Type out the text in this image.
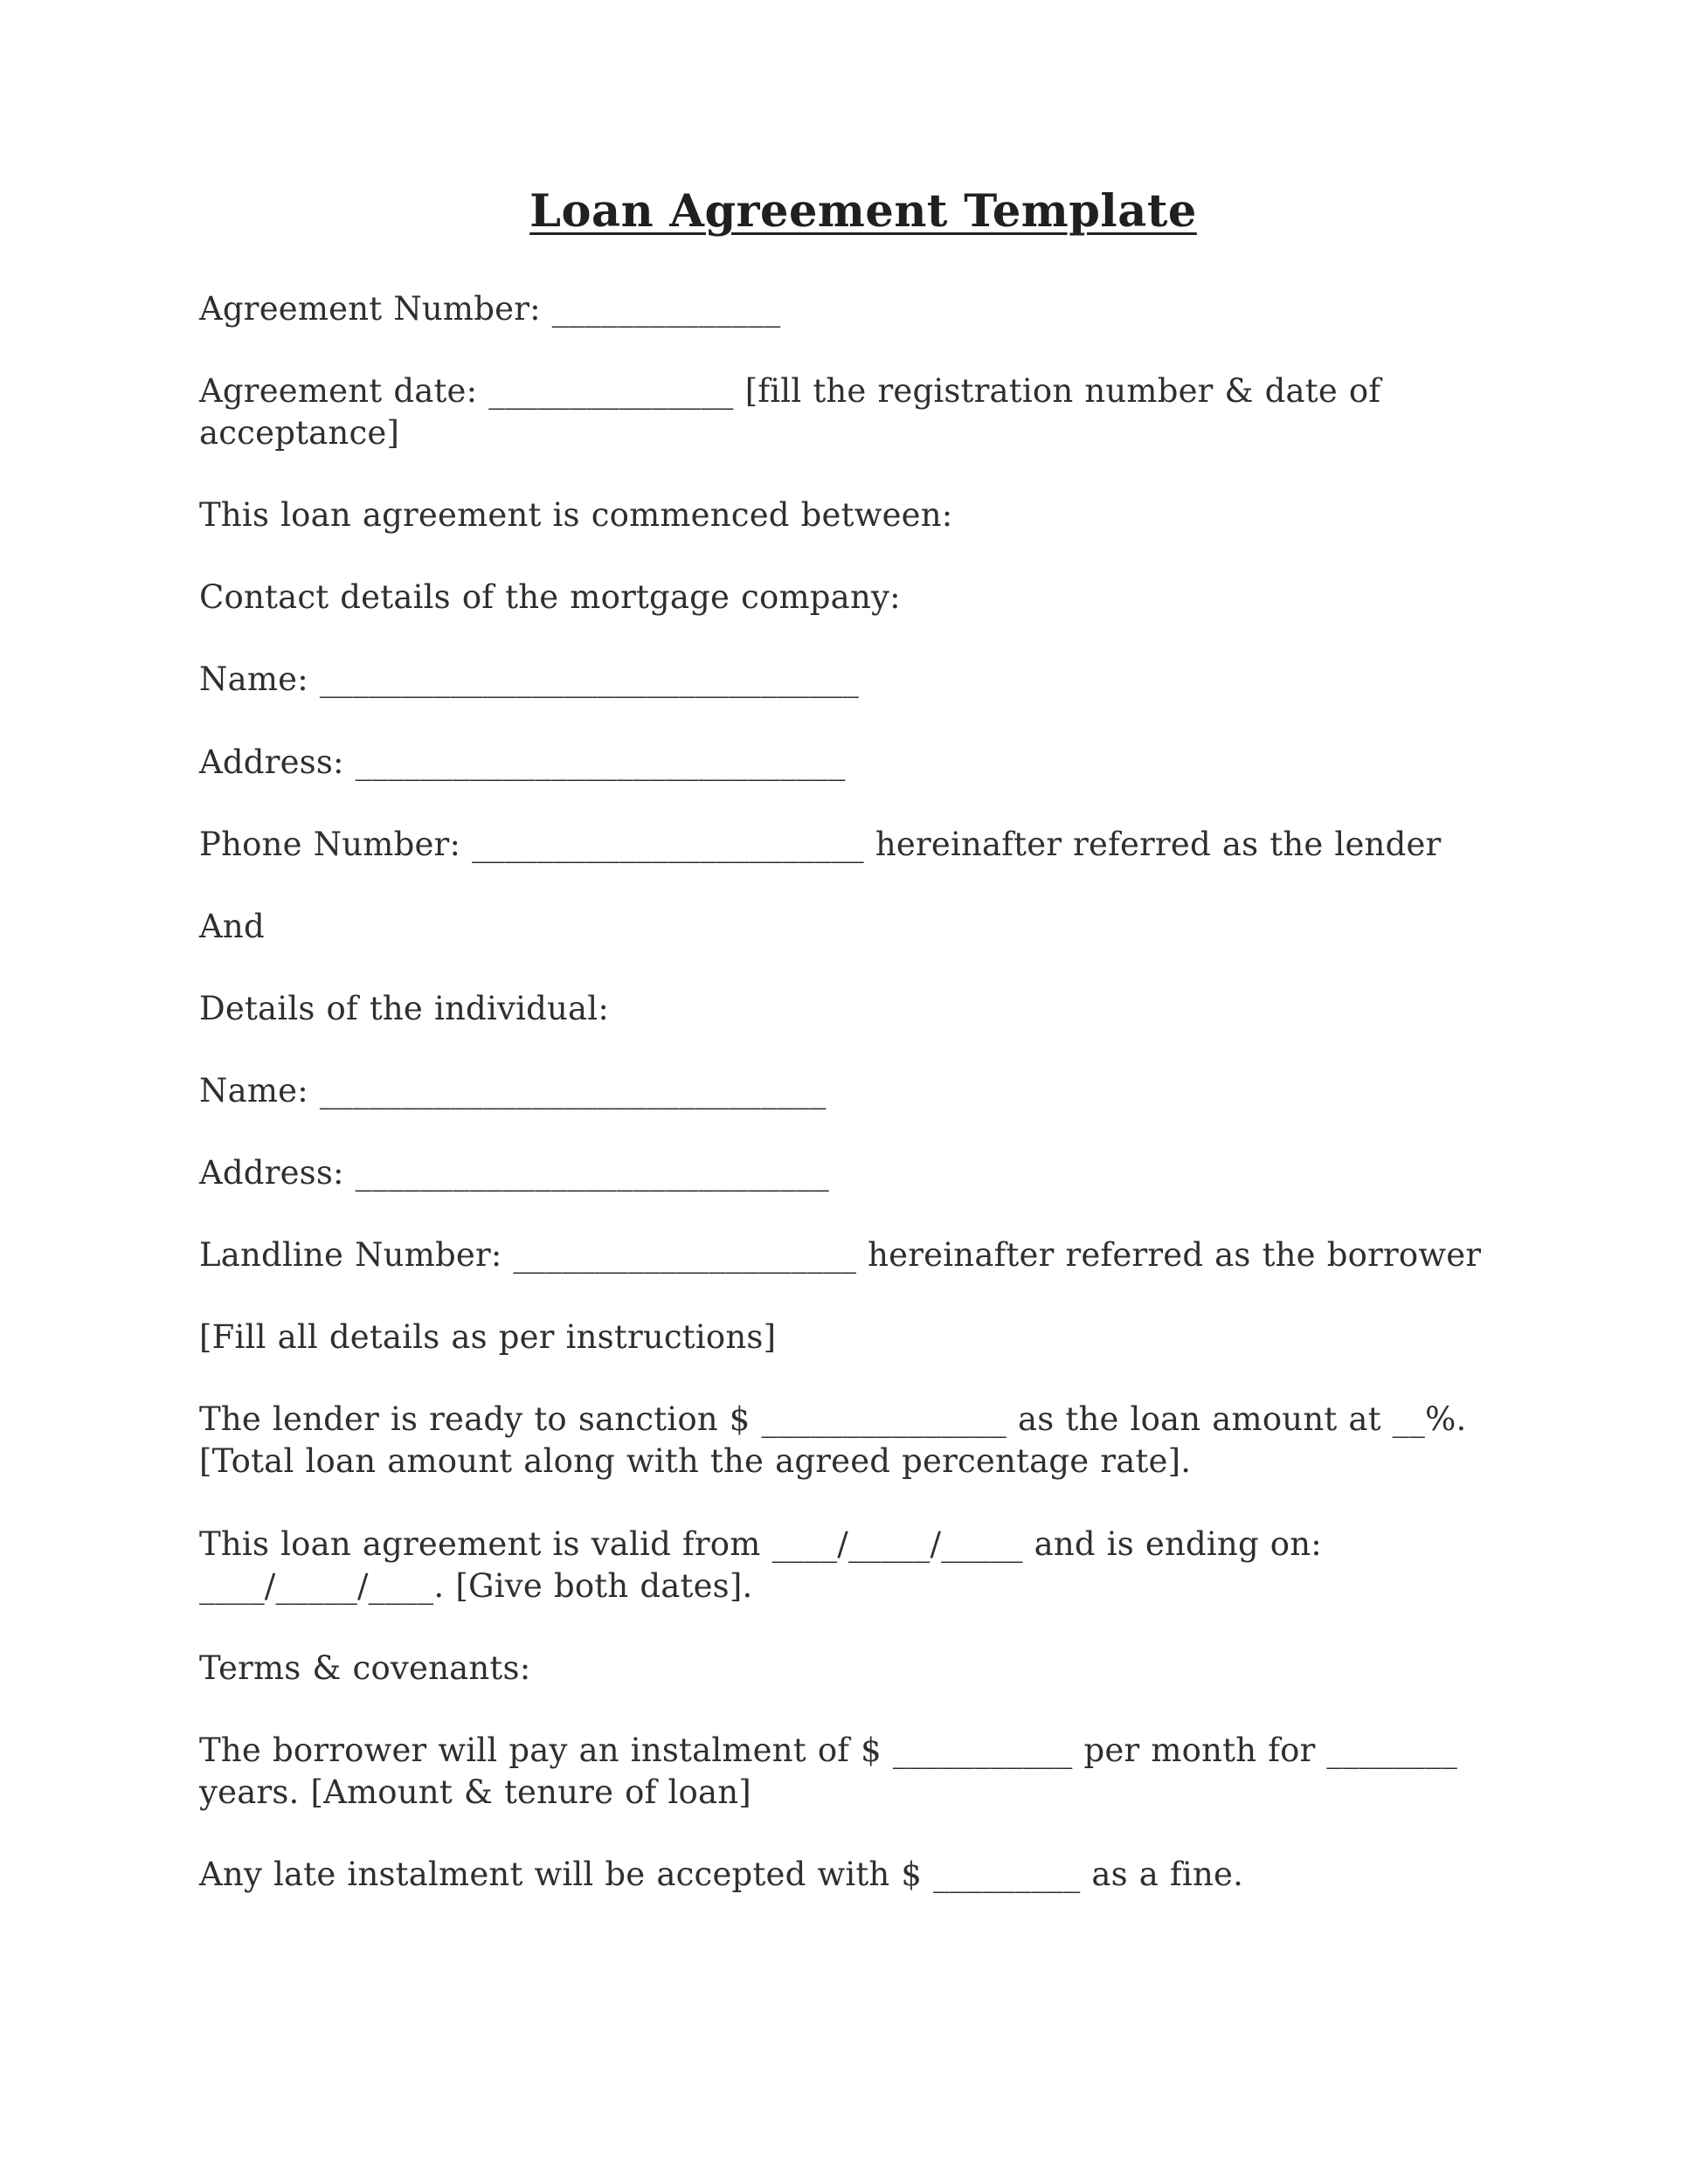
Loan Agreement Template

Agreement Number: ______________

Agreement date: _______________ [fill the registration number & date of acceptance]

This loan agreement is commenced between:

Contact details of the mortgage company:

Name: _________________________________

Address: ______________________________

Phone Number: ________________________ hereinafter referred as the lender

And

Details of the individual:

Name: _______________________________

Address: _____________________________

Landline Number: _____________________ hereinafter referred as the borrower

[Fill all details as per instructions]

The lender is ready to sanction $ _______________ as the loan amount at __%. [Total loan amount along with the agreed percentage rate].

This loan agreement is valid from ____/_____/_____ and is ending on: ____/_____/____. [Give both dates].

Terms & covenants:

The borrower will pay an instalment of $ ___________ per month for ________ years. [Amount & tenure of loan]

Any late instalment will be accepted with $ _________ as a fine.
